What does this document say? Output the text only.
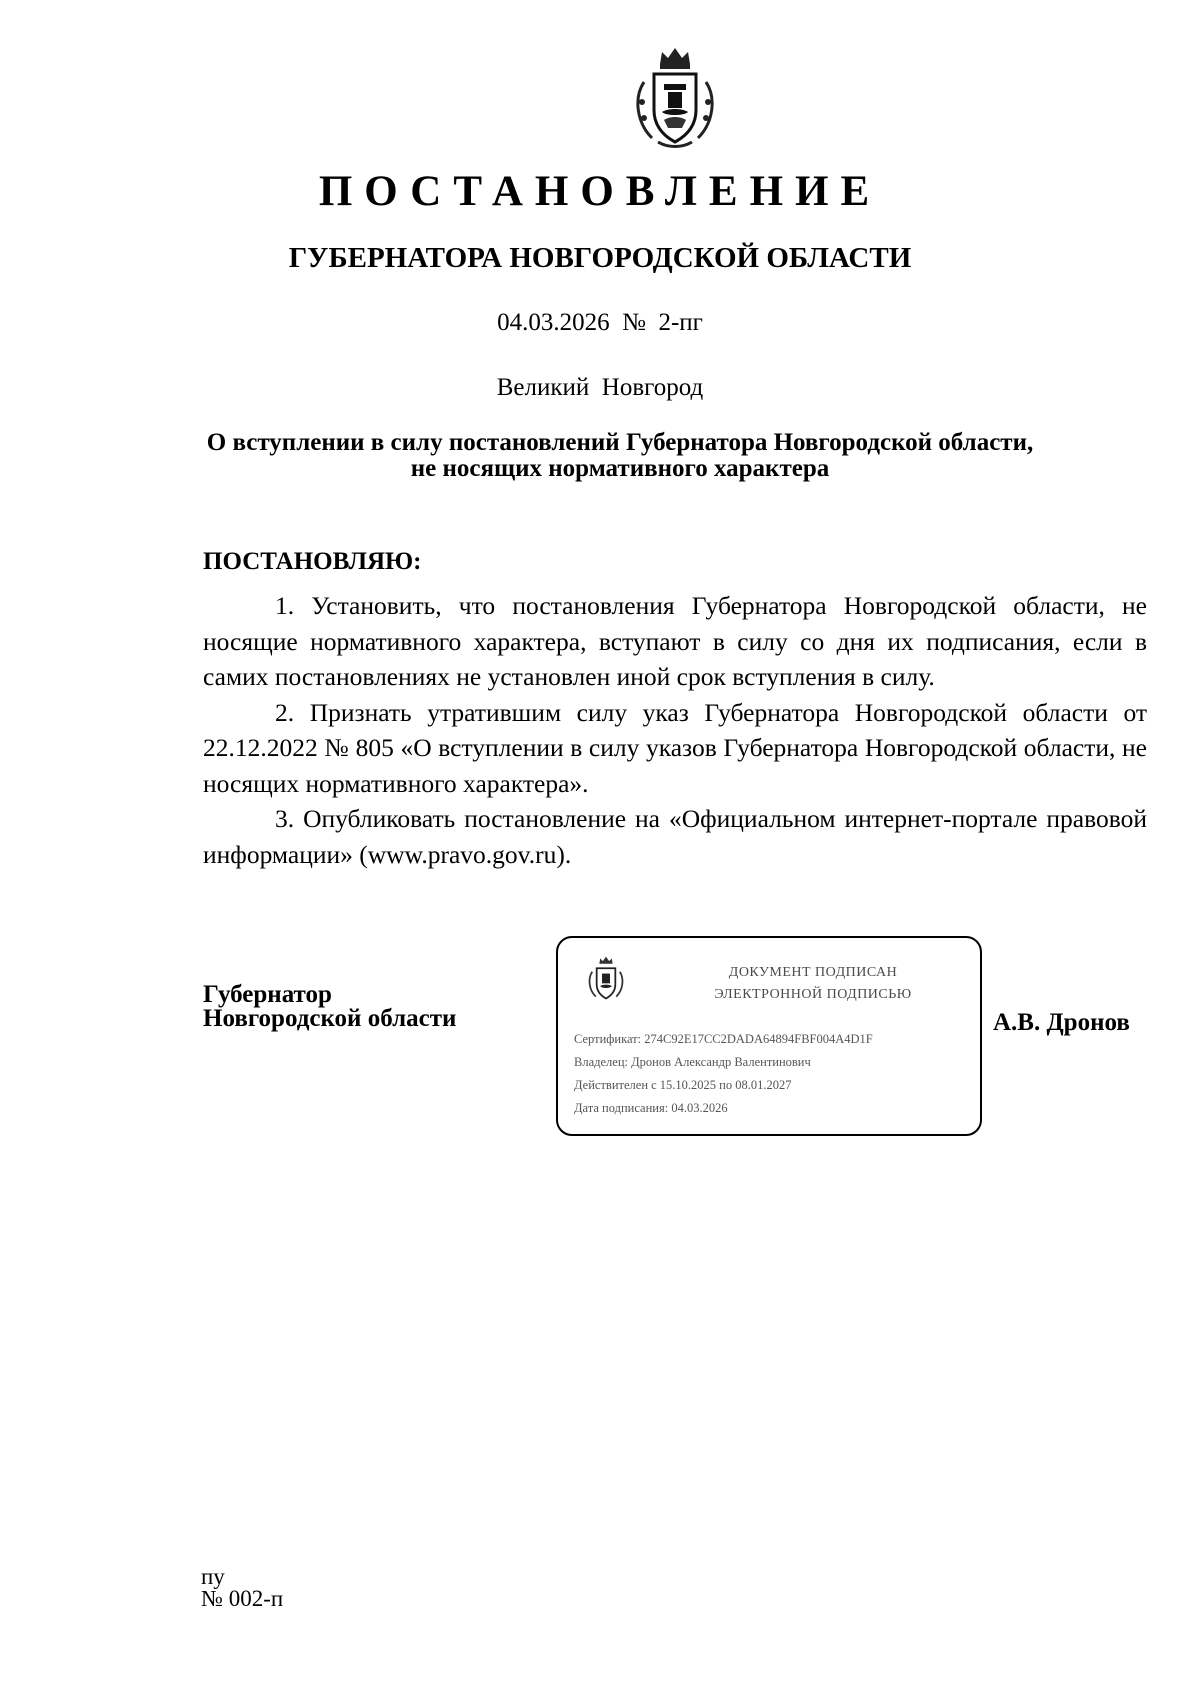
ПОСТАНОВЛЕНИЕ
ГУБЕРНАТОРА НОВГОРОДСКОЙ ОБЛАСТИ
04.03.2026  №  2-пг
Великий  Новгород
О вступлении в силу постановлений Губернатора Новгородской области,
не носящих нормативного характера
ПОСТАНОВЛЯЮ:

1. Установить, что постановления Губернатора Новгородской области, не носящие нормативного характера, вступают в силу со дня их подписания, если в самих постановлениях не установлен иной срок вступления в силу.

2. Признать утратившим силу указ Губернатора Новгородской области от 22.12.2022 № 805 «О вступлении в силу указов Губернатора Новгородской области, не носящих нормативного характера».

3. Опубликовать постановление на «Официальном интернет-портале правовой информации» (www.pravo.gov.ru).

Губернатор
Новгородской области
ДОКУМЕНТ ПОДПИСАН
ЭЛЕКТРОННОЙ ПОДПИСЬЮ
Сертификат: 274C92E17CC2DADA64894FBF004A4D1F
Владелец: Дронов Александр Валентинович
Действителен с 15.10.2025 по 08.01.2027
Дата подписания: 04.03.2026
А.В. Дронов
пу
№ 002-п
